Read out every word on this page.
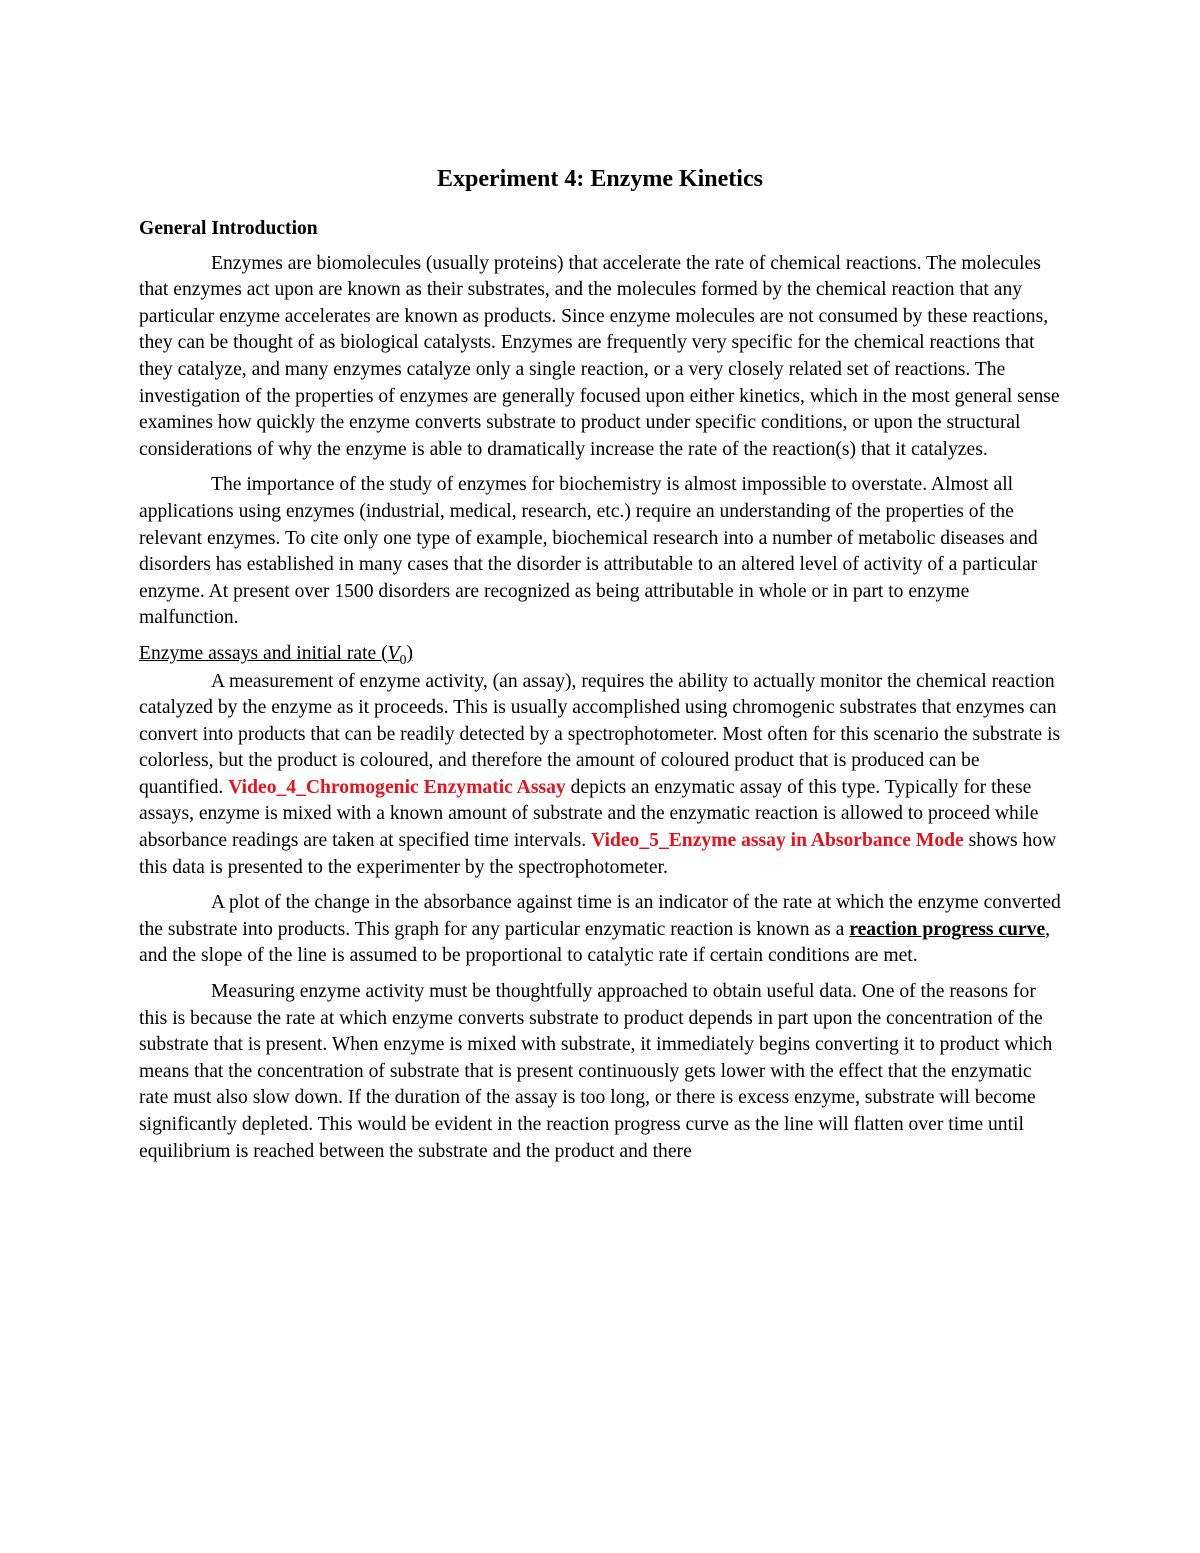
Experiment 4: Enzyme Kinetics
General Introduction

Enzymes are biomolecules (usually proteins) that accelerate the rate of chemical reactions. The molecules that enzymes act upon are known as their substrates, and the molecules formed by the chemical reaction that any particular enzyme accelerates are known as products. Since enzyme molecules are not consumed by these reactions, they can be thought of as biological catalysts. Enzymes are frequently very specific for the chemical reactions that they catalyze, and many enzymes catalyze only a single reaction, or a very closely related set of reactions. The investigation of the properties of enzymes are generally focused upon either kinetics, which in the most general sense examines how quickly the enzyme converts substrate to product under specific conditions, or upon the structural considerations of why the enzyme is able to dramatically increase the rate of the reaction(s) that it catalyzes.

The importance of the study of enzymes for biochemistry is almost impossible to overstate. Almost all applications using enzymes (industrial, medical, research, etc.) require an understanding of the properties of the relevant enzymes. To cite only one type of example, biochemical research into a number of metabolic diseases and disorders has established in many cases that the disorder is attributable to an altered level of activity of a particular enzyme. At present over 1500 disorders are recognized as being attributable in whole or in part to enzyme malfunction.

Enzyme assays and initial rate $(V_0)$

A measurement of enzyme activity, (an assay), requires the ability to actually monitor the chemical reaction catalyzed by the enzyme as it proceeds. This is usually accomplished using chromogenic substrates that enzymes can convert into products that can be readily detected by a spectrophotometer. Most often for this scenario the substrate is colorless, but the product is coloured, and therefore the amount of coloured product that is produced can be quantified. Video_4_Chromogenic Enzymatic Assay depicts an enzymatic assay of this type. Typically for these assays, enzyme is mixed with a known amount of substrate and the enzymatic reaction is allowed to proceed while absorbance readings are taken at specified time intervals. Video_5_Enzyme assay in Absorbance Mode shows how this data is presented to the experimenter by the spectrophotometer.

A plot of the change in the absorbance against time is an indicator of the rate at which the enzyme converted the substrate into products. This graph for any particular enzymatic reaction is known as a reaction progress curve, and the slope of the line is assumed to be proportional to catalytic rate if certain conditions are met.

Measuring enzyme activity must be thoughtfully approached to obtain useful data. One of the reasons for this is because the rate at which enzyme converts substrate to product depends in part upon the concentration of the substrate that is present. When enzyme is mixed with substrate, it immediately begins converting it to product which means that the concentration of substrate that is present continuously gets lower with the effect that the enzymatic rate must also slow down. If the duration of the assay is too long, or there is excess enzyme, substrate will become significantly depleted. This would be evident in the reaction progress curve as the line will flatten over time until equilibrium is reached between the substrate and the product and there
